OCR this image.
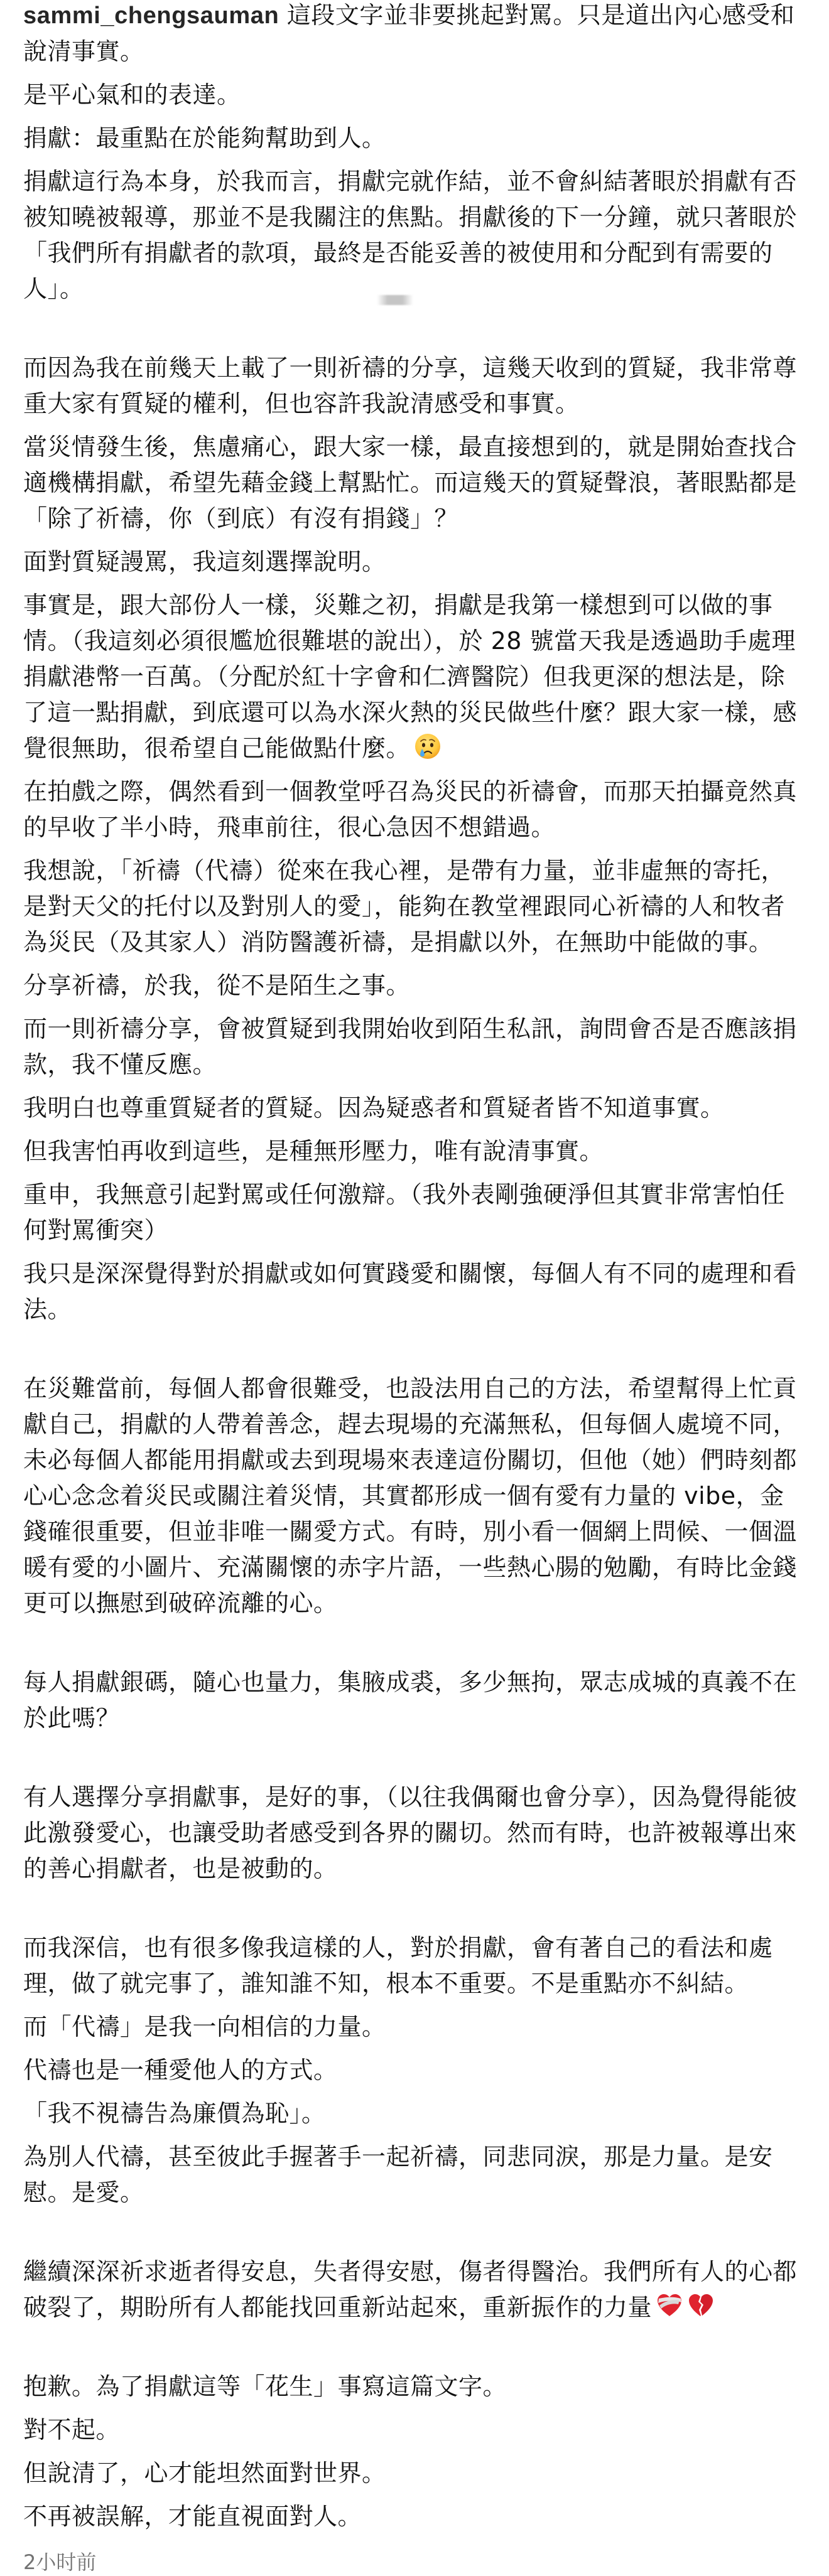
sammi_chengsauman 這段文字並非要挑起對罵。只是道出內心感受和說清事實。

是平心氣和的表達。

捐獻：最重點在於能夠幫助到人。

捐獻這行為本身，於我而言，捐獻完就作結，並不會糾結著眼於捐獻有否被知曉被報導，那並不是我關注的焦點。捐獻後的下一分鐘，就只著眼於「我們所有捐獻者的款項，最終是否能妥善的被使用和分配到有需要的人」。

而因為我在前幾天上載了一則祈禱的分享，這幾天收到的質疑，我非常尊重大家有質疑的權利，但也容許我說清感受和事實。

當災情發生後，焦慮痛心，跟大家一樣，最直接想到的，就是開始查找合適機構捐獻，希望先藉金錢上幫點忙。而這幾天的質疑聲浪，著眼點都是「除了祈禱，你（到底）有沒有捐錢」？

面對質疑謾罵，我這刻選擇說明。

事實是，跟大部份人一樣，災難之初，捐獻是我第一樣想到可以做的事情。（我這刻必須很尷尬很難堪的說出），於 28 號當天我是透過助手處理捐獻港幣一百萬。（分配於紅十字會和仁濟醫院）但我更深的想法是，除了這一點捐獻，到底還可以為水深火熱的災民做些什麼？跟大家一樣，感覺很無助，很希望自己能做點什麼。

在拍戲之際，偶然看到一個教堂呼召為災民的祈禱會，而那天拍攝竟然真的早收了半小時，飛車前往，很心急因不想錯過。

我想說，「祈禱（代禱）從來在我心裡，是帶有力量，並非虛無的寄托，是對天父的托付以及對別人的愛」，能夠在教堂裡跟同心祈禱的人和牧者為災民（及其家人）消防醫護祈禱，是捐獻以外，在無助中能做的事。

分享祈禱，於我，從不是陌生之事。

而一則祈禱分享，會被質疑到我開始收到陌生私訊，詢問會否是否應該捐款，我不懂反應。

我明白也尊重質疑者的質疑。因為疑惑者和質疑者皆不知道事實。

但我害怕再收到這些，是種無形壓力，唯有說清事實。

重申，我無意引起對罵或任何激辯。（我外表剛強硬淨但其實非常害怕任何對罵衝突）

我只是深深覺得對於捐獻或如何實踐愛和關懷，每個人有不同的處理和看法。

在災難當前，每個人都會很難受，也設法用自己的方法，希望幫得上忙貢獻自己，捐獻的人帶着善念，趕去現場的充滿無私，但每個人處境不同，未必每個人都能用捐獻或去到現場來表達這份關切，但他（她）們時刻都心心念念着災民或關注着災情，其實都形成一個有愛有力量的 vibe，金錢確很重要，但並非唯一關愛方式。有時，別小看一個網上問候、一個溫暖有愛的小圖片、充滿關懷的赤字片語，一些熱心腸的勉勵，有時比金錢更可以撫慰到破碎流離的心。

每人捐獻銀碼，隨心也量力，集腋成裘，多少無拘，眾志成城的真義不在於此嗎？

有人選擇分享捐獻事，是好的事，（以往我偶爾也會分享），因為覺得能彼此激發愛心，也讓受助者感受到各界的關切。然而有時，也許被報導出來的善心捐獻者，也是被動的。

而我深信，也有很多像我這樣的人，對於捐獻，會有著自己的看法和處理，做了就完事了，誰知誰不知，根本不重要。不是重點亦不糾結。

而「代禱」是我一向相信的力量。

代禱也是一種愛他人的方式。

「我不視禱告為廉價為恥」。

為別人代禱，甚至彼此手握著手一起祈禱，同悲同淚，那是力量。是安慰。是愛。

繼續深深祈求逝者得安息，失者得安慰，傷者得醫治。我們所有人的心都破裂了，期盼所有人都能找回重新站起來，重新振作的力量

抱歉。為了捐獻這等「花生」事寫這篇文字。

對不起。

但說清了，心才能坦然面對世界。

不再被誤解，才能直視面對人。

2小时前
